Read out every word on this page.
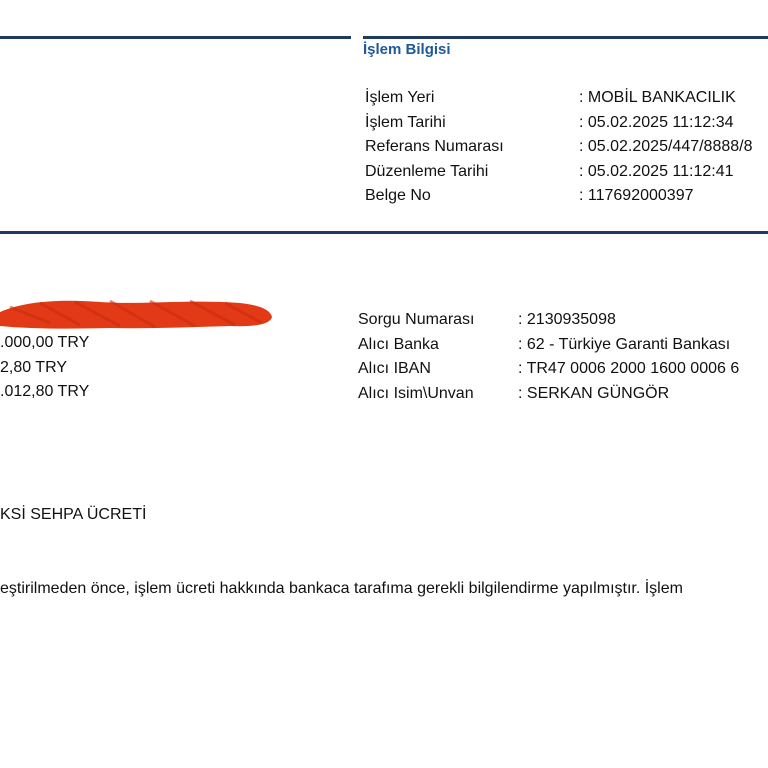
İşlem Bilgisi
İşlem Yeri	: MOBİL BANKACILIK
İşlem Tarihi	: 05.02.2025 11:12:34
Referans Numarası	: 05.02.2025/447/8888/8
Düzenleme Tarihi	: 05.02.2025 11:12:41
Belge No	: 117692000397
.000,00 TRY
2,80 TRY
.012,80 TRY
Sorgu Numarası	: 2130935098
Alıcı Banka	: 62 - Türkiye Garanti Bankası
Alıcı IBAN	: TR47 0006 2000 1600 0006 6
Alıcı Isim\Unvan	: SERKAN GÜNGÖR
KSİ SEHPA ÜCRETİ
eştirilmeden önce, işlem ücreti hakkında bankaca tarafıma gerekli bilgilendirme yapılmıştır. İşlem
